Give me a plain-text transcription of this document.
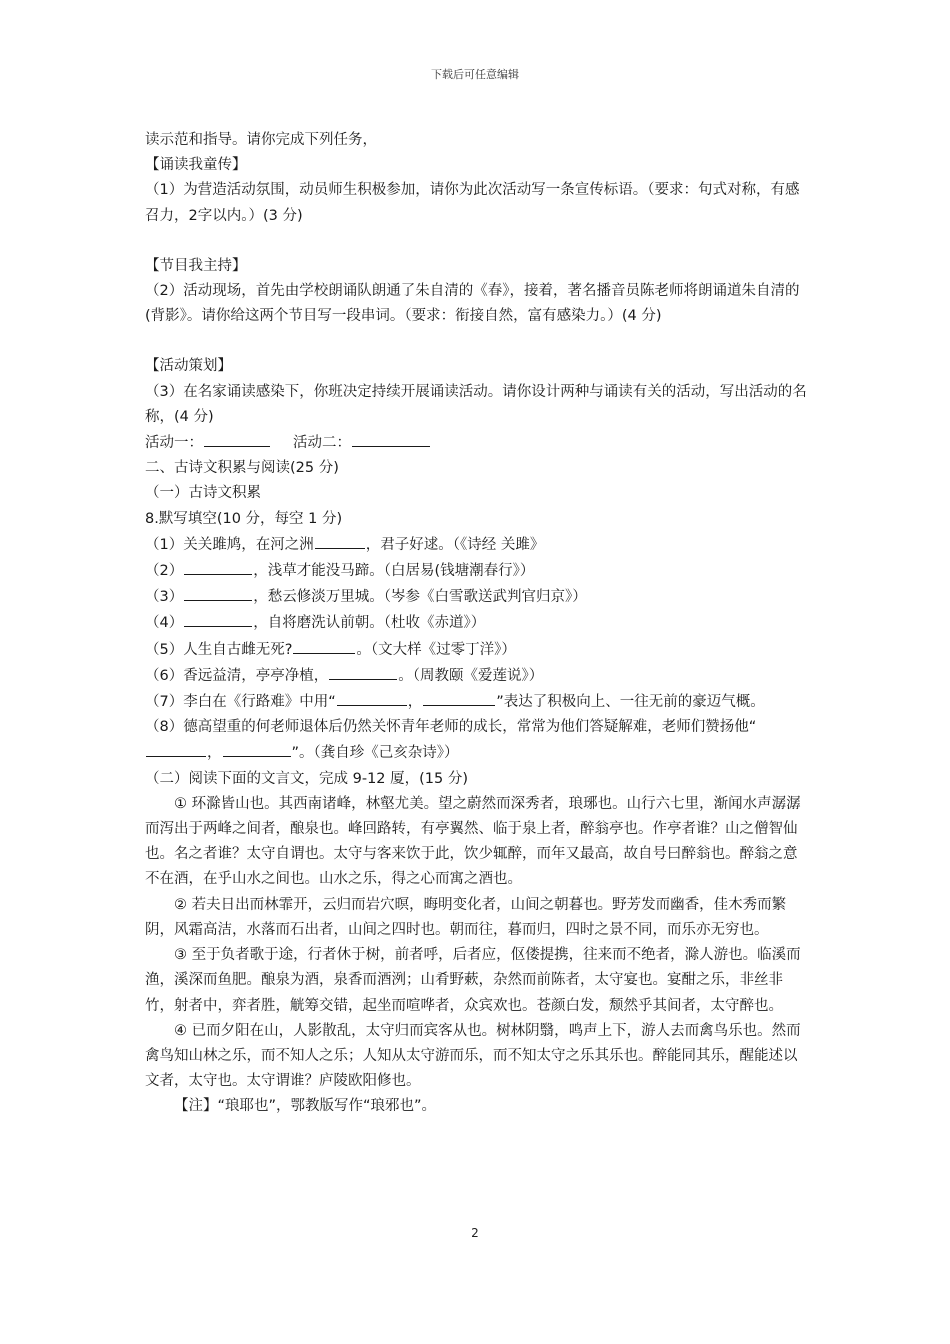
下载后可任意编辑
读示范和指导。请你完成下列任务，
【诵读我童传】
（1）为营造活动氛围，动员师生积极参加，请你为此次活动写一条宣传标语。（要求：句式对称，有感召力，2字以内。）(3 分)
【节目我主持】
（2）活动现场，首先由学校朗诵队朗通了朱自清的《春》，接着，著名播音员陈老师将朗诵道朱自清的(背影》。请你给这两个节目写一段串词。（要求：衔接自然，富有感染力。）(4 分)
【活动策划】
（3）在名家诵读感染下，你班决定持续开展诵读活动。请你设计两种与诵读有关的活动，写出活动的名称，(4 分)
活动一：	活动二：
二、古诗文积累与阅读(25 分)
（一）古诗文积累
8.默写填空(10 分，每空 1 分)
（1）关关雎鸠，在河之洲	，君子好逑。（《诗经 关雎》
（2）	，浅草才能没马蹄。（白居易(钱塘潮春行》）
（3）	，愁云修淡万里城。（岑参《白雪歌送武判官归京》）
（4）	，自将磨洗认前朝。（杜收《赤道》）
（5）人生自古雌无死?	。（文大样《过零丁洋》）
（6）香远益清，亭亭净植，	。（周教颐《爱莲说》）
（7）李白在《行路难》中用“	，	”表达了积极向上、一往无前的豪迈气概。
（8）德高望重的何老师退体后仍然关怀青年老师的成长，常常为他们答疑解难，老师们赞扬他“，	”。（龚自珍《己亥杂诗》）
（二）阅读下面的文言文，完成 9-12 厦，(15 分)
① 环滁皆山也。其西南诸峰，林壑尤美。望之蔚然而深秀者，琅琊也。山行六七里，渐闻水声潺潺而泻出于两峰之间者，酿泉也。峰回路转，有亭翼然、临于泉上者，醉翁亭也。作亭者谁？山之僧智仙也。名之者谁？太守自谓也。太守与客来饮于此，饮少辄醉，而年又最高，故自号曰醉翁也。醉翁之意不在酒，在乎山水之间也。山水之乐，得之心而寓之酒也。
② 若夫日出而林霏开，云归而岩穴暝，晦明变化者，山间之朝暮也。野芳发而幽香，佳木秀而繁阴，风霜高洁，水落而石出者，山间之四时也。朝而往，暮而归，四时之景不同，而乐亦无穷也。
③ 至于负者歌于途，行者休于树，前者呼，后者应，伛偻提携，往来而不绝者，滁人游也。临溪而渔，溪深而鱼肥。酿泉为酒，泉香而酒洌；山肴野蔌，杂然而前陈者，太守宴也。宴酣之乐，非丝非竹，射者中，弈者胜，觥筹交错，起坐而喧哗者，众宾欢也。苍颜白发，颓然乎其间者，太守醉也。
④ 已而夕阳在山，人影散乱，太守归而宾客从也。树林阴翳，鸣声上下，游人去而禽鸟乐也。然而禽鸟知山林之乐，而不知人之乐；人知从太守游而乐，而不知太守之乐其乐也。醉能同其乐，醒能述以文者，太守也。太守谓谁？庐陵欧阳修也。
【注】“琅耶也”，鄂教版写作“琅邪也”。
2
